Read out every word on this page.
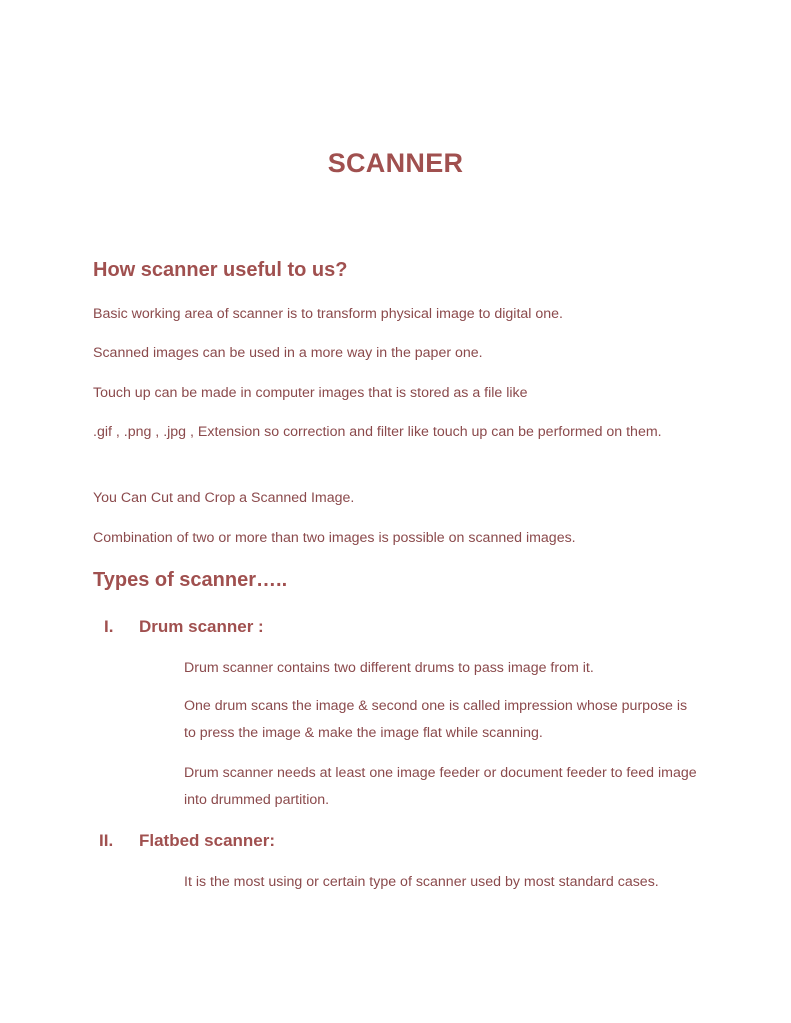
SCANNER
How scanner useful to us?

Basic working area of scanner is to transform physical image to digital one.

Scanned images can be used in a more way in the paper one.

Touch up can be made in computer images that is stored as a file like

.gif , .png , .jpg , Extension so correction and filter like touch up can be performed on them.

You Can Cut and Crop a Scanned Image.

Combination of two or more than two images is possible on scanned images.

Types of scanner…..
I. Drum scanner :

Drum scanner contains two different drums to pass image from it.

One drum scans the image & second one is called impression whose purpose is to press the image & make the image flat while scanning.

Drum scanner needs at least one image feeder or document feeder to feed image into drummed partition.

II. Flatbed scanner:

It is the most using or certain type of scanner used by most standard cases.
